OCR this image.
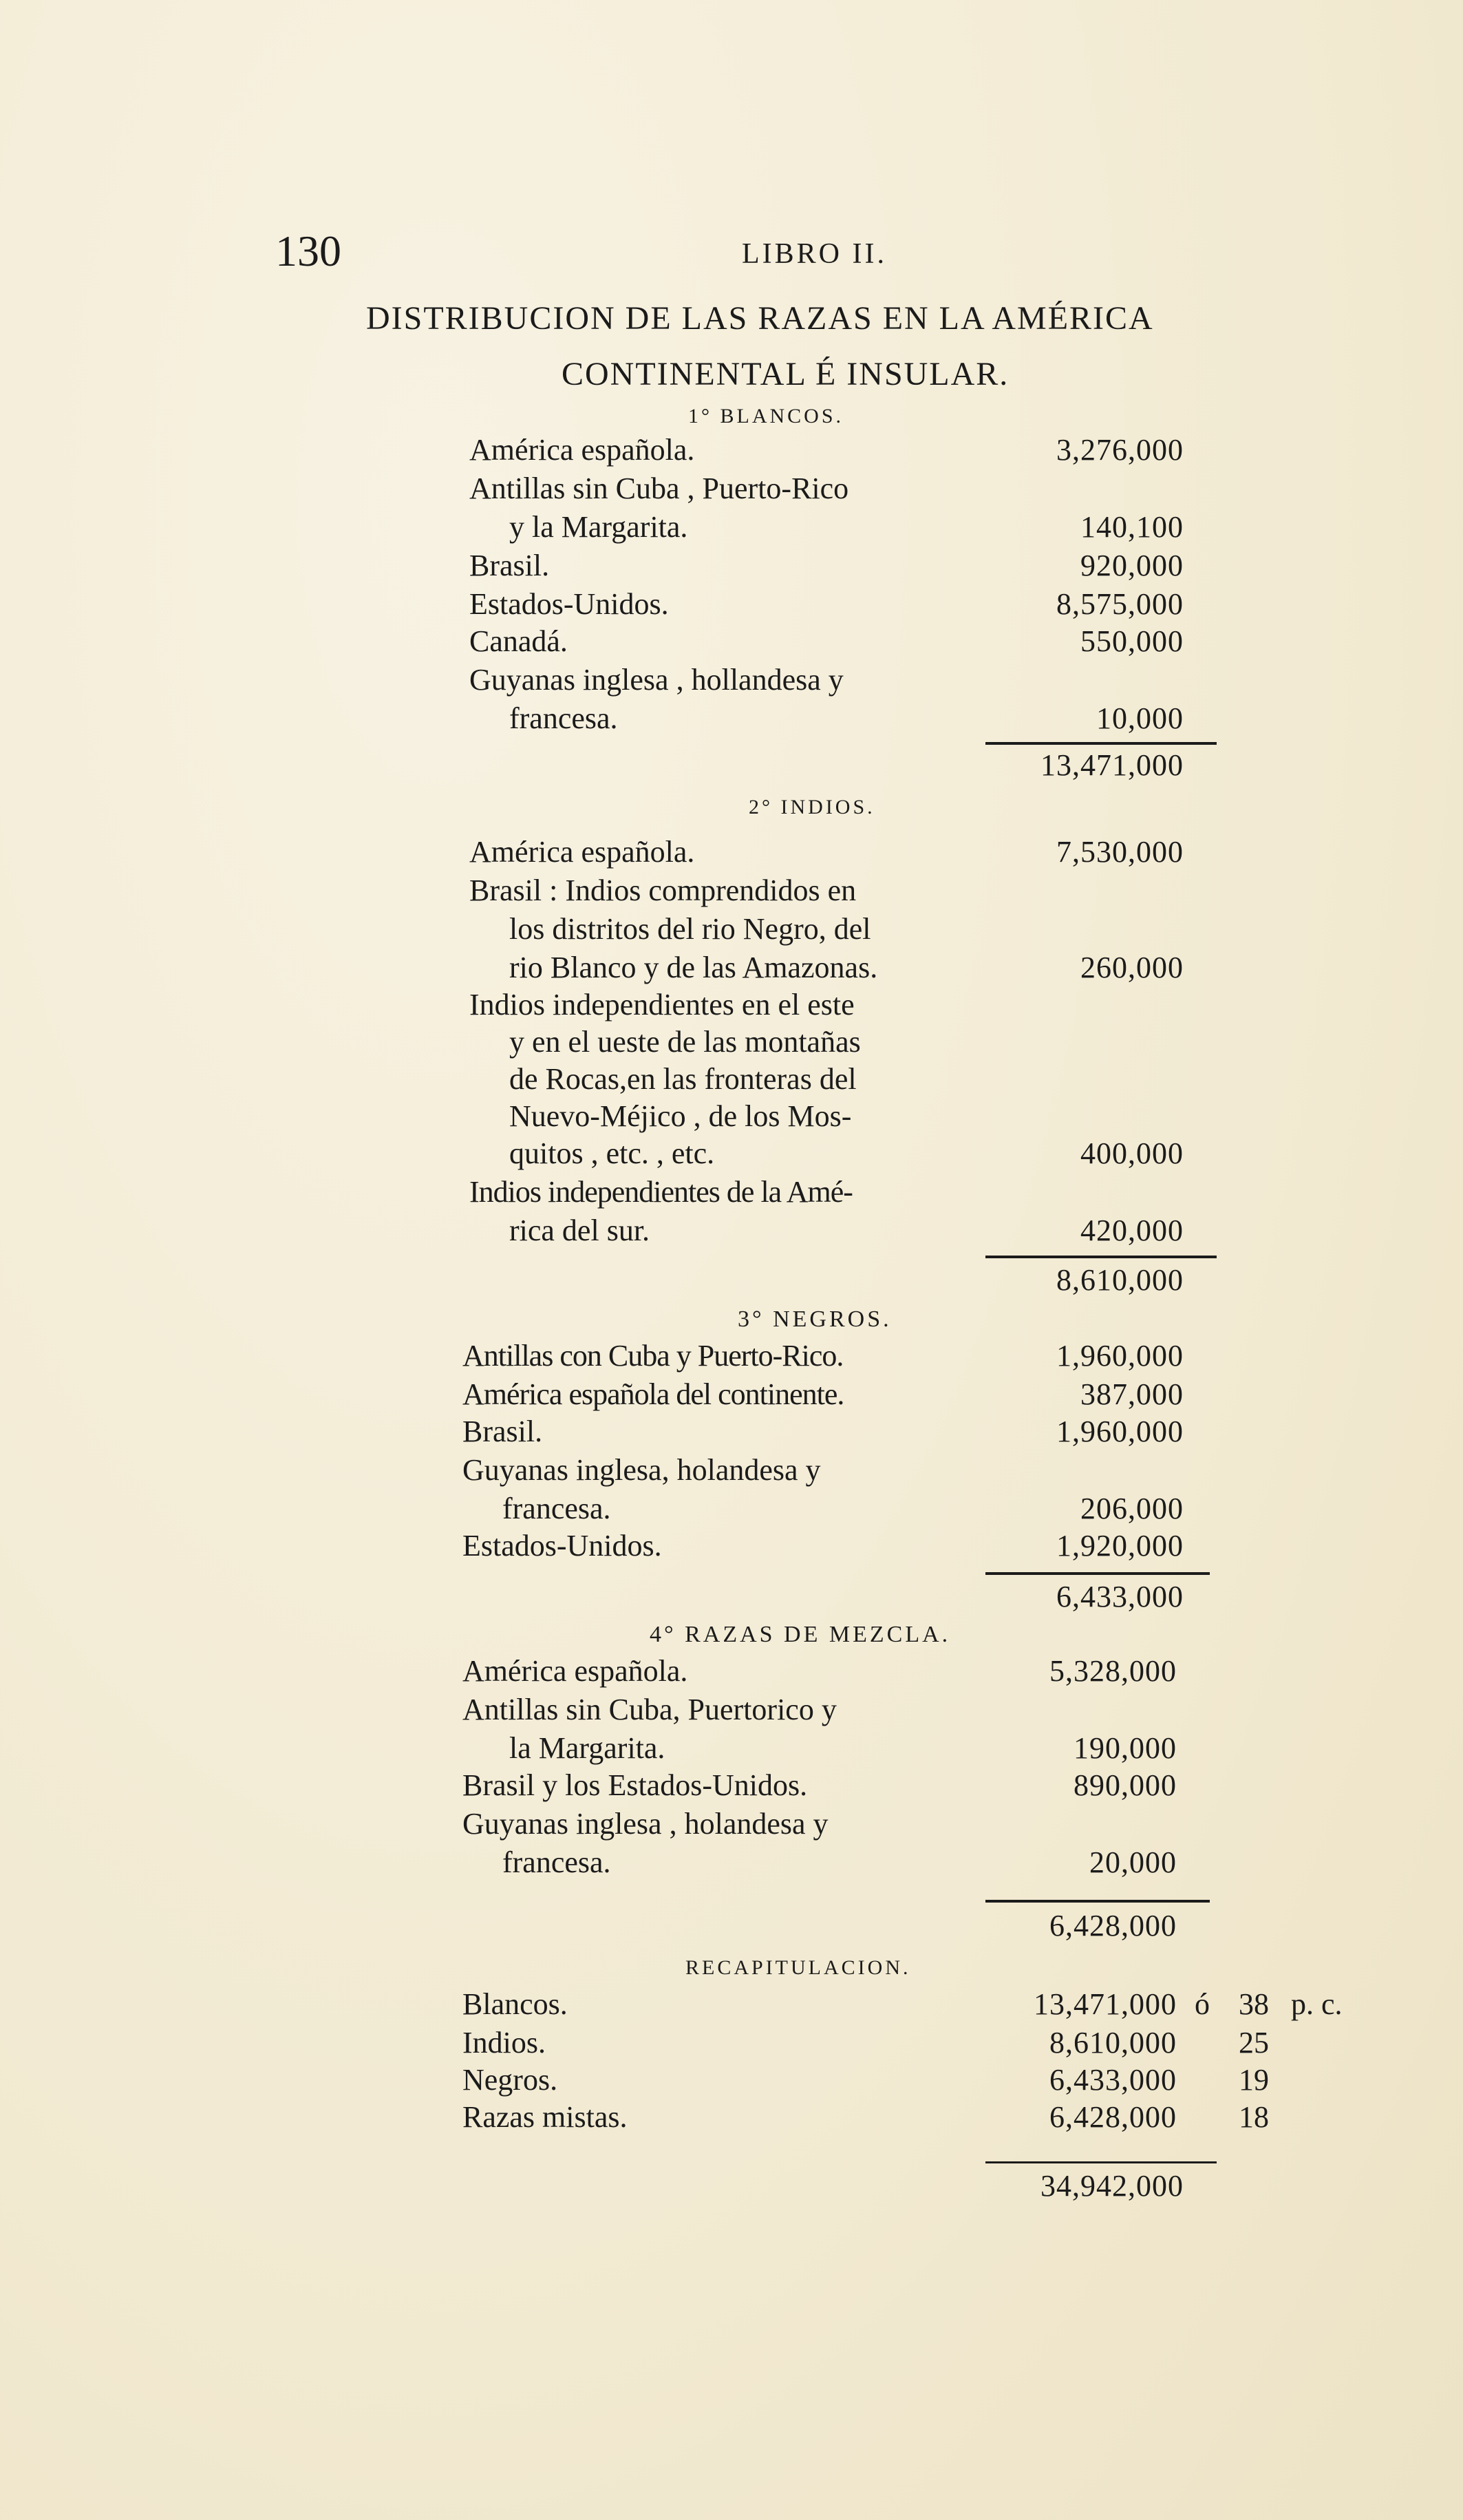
130	LIBRO II.
DISTRIBUCION DE LAS RAZAS EN LA AMÉRICA
CONTINENTAL É INSULAR.
1° BLANCOS.
América española.	3,276,000
Antillas sin Cuba , Puerto-Rico
y la Margarita.	140,100
Brasil.	920,000
Estados-Unidos.	8,575,000
Canadá.	550,000
Guyanas inglesa , hollandesa y
francesa.	10,000
13,471,000
2° INDIOS.
América española.	7,530,000
Brasil : Indios comprendidos en
los distritos del rio Negro, del
rio Blanco y de las Amazonas.	260,000
Indios independientes en el este
y en el ueste de las montañas
de Rocas,en las fronteras del
Nuevo-Méjico , de los Mos-
quitos , etc. , etc.	400,000
Indios independientes de la Amé-
rica del sur.	420,000
8,610,000
3° NEGROS.
Antillas con Cuba y Puerto-Rico.	1,960,000
América española del continente.	387,000
Brasil.	1,960,000
Guyanas inglesa, holandesa y
francesa.	206,000
Estados-Unidos.	1,920,000
6,433,000
4° RAZAS DE MEZCLA.
América española.	5,328,000
Antillas sin Cuba, Puertorico y
la Margarita.	190,000
Brasil y los Estados-Unidos.	890,000
Guyanas inglesa , holandesa y
francesa.	20,000
6,428,000
RECAPITULACION.
Blancos.	13,471,000 ó 38 p. c.
Indios.	8,610,000 25
Negros.	6,433,000 19
Razas mistas.	6,428,000 18
34,942,000
